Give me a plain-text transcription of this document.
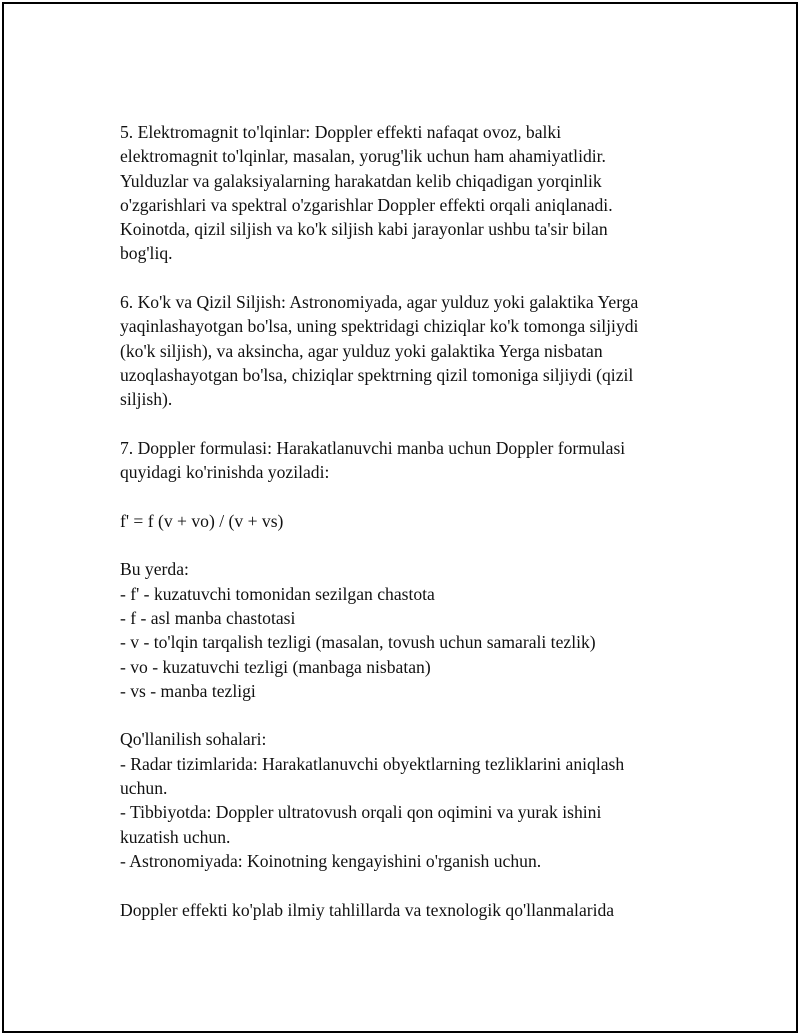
5. Elektromagnit to'lqinlar: Doppler effekti nafaqat ovoz, balki
elektromagnit to'lqinlar, masalan, yorug'lik uchun ham ahamiyatlidir.
Yulduzlar va galaksiyalarning harakatdan kelib chiqadigan yorqinlik
o'zgarishlari va spektral o'zgarishlar Doppler effekti orqali aniqlanadi.
Koinotda, qizil siljish va ko'k siljish kabi jarayonlar ushbu ta'sir bilan
bog'liq.

6. Ko'k va Qizil Siljish: Astronomiyada, agar yulduz yoki galaktika Yerga
yaqinlashayotgan bo'lsa, uning spektridagi chiziqlar ko'k tomonga siljiydi
(ko'k siljish), va aksincha, agar yulduz yoki galaktika Yerga nisbatan
uzoqlashayotgan bo'lsa, chiziqlar spektrning qizil tomoniga siljiydi (qizil
siljish).

7. Doppler formulasi: Harakatlanuvchi manba uchun Doppler formulasi
quyidagi ko'rinishda yoziladi:

f' = f (v + vo) / (v + vs)

Bu yerda:
- f' - kuzatuvchi tomonidan sezilgan chastota
- f - asl manba chastotasi
- v - to'lqin tarqalish tezligi (masalan, tovush uchun samarali tezlik)
- vo - kuzatuvchi tezligi (manbaga nisbatan)
- vs - manba tezligi

Qo'llanilish sohalari:
- Radar tizimlarida: Harakatlanuvchi obyektlarning tezliklarini aniqlash
uchun.
- Tibbiyotda: Doppler ultratovush orqali qon oqimini va yurak ishini
kuzatish uchun.
- Astronomiyada: Koinotning kengayishini o'rganish uchun.

Doppler effekti ko'plab ilmiy tahlillarda va texnologik qo'llanmalarida
